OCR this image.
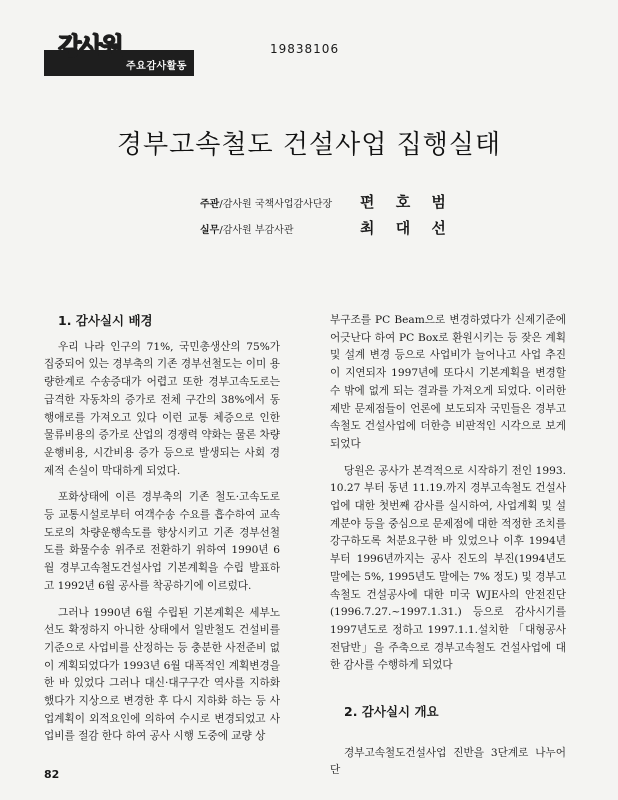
감사원
주요감사활동
19838106
경부고속철도 건설사업 집행실태
주관/감사원 국책사업감사단장 편 호 범
실무/감사원 부감사관	최 대 선

1. 감사실시 배경

우리 나라 인구의 71%, 국민총생산의 75%가 집중되어 있는 경부축의 기존 경부선철도는 이미 용량한계로 수송증대가 어렵고 또한 경부고속도로는 급격한 자동차의 증가로 전체 구간의 38%에서 동행애로를 가져오고 있다 이런 교통 체증으로 인한 물류비용의 증가로 산업의 경쟁력 약화는 물론 차량운행비용, 시간비용 증가 등으로 발생되는 사회 경제적 손실이 막대하게 되었다.

포화상태에 이른 경부축의 기존 철도·고속도로 등 교통시설로부터 여객수송 수요를 흡수하여 교속도로의 차량운행속도를 향상시키고 기존 경부선철도를 화물수송 위주로 전환하기 위하여 1990년 6월 경부고속철도건설사업 기본계획을 수립 발표하고 1992년 6월 공사를 착공하기에 이르렀다.

그러나 1990년 6월 수립된 기본계획은 세부노선도 확정하지 아니한 상태에서 일반철도 건설비를 기준으로 사업비를 산정하는 등 충분한 사전준비 없이 계획되었다가 1993년 6월 대폭적인 계획변경을 한 바 있었다 그러나 대신·대구구간 역사를 지하화했다가 지상으로 변경한 후 다시 지하화 하는 등 사업계획이 외적요인에 의하여 수시로 변경되었고 사업비를 절감 한다 하여 공사 시행 도중에 교량 상

부구조를 PC Beam으로 변경하였다가 신제기준에 어긋난다 하여 PC Box로 환원시키는 등 잦은 계획 및 설계 변경 등으로 사업비가 늘어나고 사업 추진이 지연되자 1997년에 또다시 기본계획을 변경할 수 밖에 없게 되는 결과를 가져오게 되었다. 이러한 제반 문제점들이 언론에 보도되자 국민들은 경부고속철도 건설사업에 더한층 비판적인 시각으로 보게 되었다

당원은 공사가 본격적으로 시작하기 전인 1993. 10.27 부터 동년 11.19.까지 경부고속철도 건설사업에 대한 첫번째 감사를 실시하여, 사업계획 및 설계분야 등을 중심으로 문제점에 대한 적정한 조치를 강구하도록 처분요구한 바 있었으나 이후 1994년부터 1996년까지는 공사 진도의 부진(1994년도 말에는 5%, 1995년도 말에는 7% 정도) 및 경부고속철도 건설공사에 대한 미국 WJE사의 안전진단(1996.7.27.~1997.1.31.) 등으로 감사시기를 1997년도로 정하고 1997.1.1.설치한 「대형공사전담반」을 주축으로 경부고속철도 건설사업에 대한 감사를 수행하게 되었다

2. 감사실시 개요

경부고속철도건설사업 진반을 3단계로 나누어 단

82
